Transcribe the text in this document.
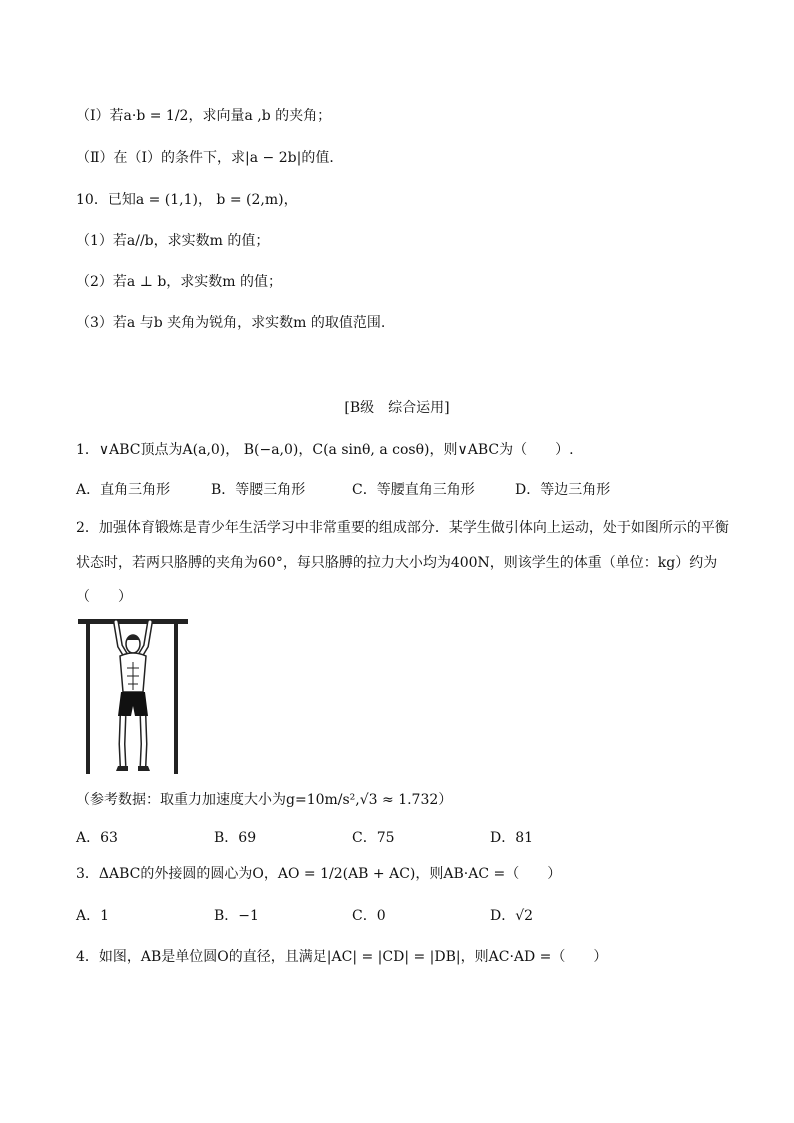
（Ⅰ）若a·b = 1/2，求向量a ,b 的夹角；
（Ⅱ）在（Ⅰ）的条件下，求|a − 2b|的值．
10．已知a = (1,1)， b = (2,m)，
（1）若a//b，求实数m 的值；
（2）若a ⊥ b，求实数m 的值；
（3）若a 与b 夹角为锐角，求实数m 的取值范围.
[B级　综合运用]
1．∨ABC顶点为A(a,0)， B(−a,0)，C(a sinθ, a cosθ)，则∨ABC为（　　）.
A．直角三角形	B．等腰三角形	C．等腰直角三角形	D．等边三角形
2．加强体育锻炼是青少年生活学习中非常重要的组成部分．某学生做引体向上运动，处于如图所示的平衡
状态时，若两只胳膊的夹角为60°，每只胳膊的拉力大小均为400N，则该学生的体重（单位：kg）约为
（　　）
（参考数据：取重力加速度大小为g=10m/s²,√3 ≈ 1.732）
A．63	B．69	C．75	D．81
3．ΔABC的外接圆的圆心为O，AO = 1/2(AB + AC)，则AB·AC =（　　）
A．1	B．−1	C．0	D．√2
4．如图，AB是单位圆O的直径，且满足|AC| = |CD| = |DB|，则AC·AD =（　　）
